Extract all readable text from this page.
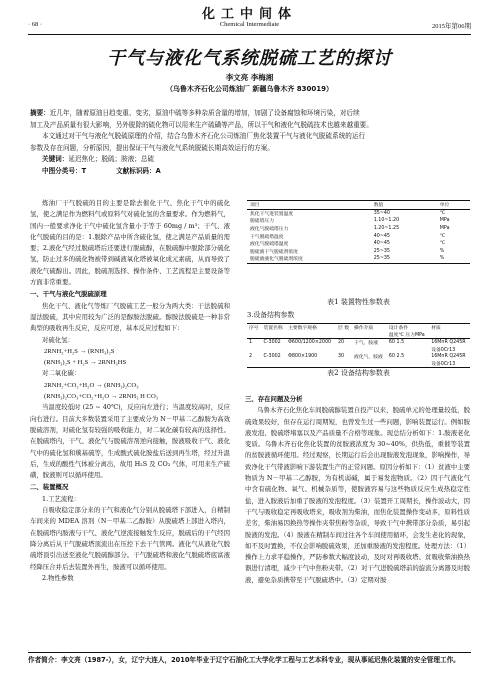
化工中间体
· 68 ·	Chemical Intermediate	2015年第06期
干气与液化气系统脱硫工艺的探讨
李文亮 李梅湘
（乌鲁木齐石化公司炼油厂 新疆乌鲁木齐 830019）
摘要：近几年，随着原油日趋变重、变劣，原油中硫等多种杂质含量的增加，加剧了设备腐蚀和环境污染，对后续
加工及产品质量有很大影响，另外脱除的硫化物可以用来生产硫磺等产品，所以干气和液化气脱硫技术也越来越重要。
本文通过对干气与液化气脱硫原理的介绍，结合乌鲁木齐石化公司炼油厂焦化装置干气与液化气脱硫系统的运行
参数及存在问题，分析原因，提出保证干气与液化气系统脱硫长期高效运行的方案。
关键词：延迟焦化；脱硫；胺液；总硫
中图分类号：T	文献标识码：A

炼油厂干气脱硫的目的主要是除去催化干气、焦化干气中的硫化氢，使之满足作为燃料气或原料气对硫化氢的含量要求。作为燃料气，国内一般要求净化干气中硫化氢含量小于等于 60mg / m³；干气、液化气脱硫的目的是：1.脱除产品中所含硫化氢，使之满足产品质量的需要；2.液化气经过脱硫塔后还要进行脱硫醇，在脱硫醇中脱除部分硫化氢，防止过多的硫化物被带到碱液氧化塔被氧化成元素硫，从而导致了液化气硫醇出。因此，脱硫剂选择、操作条件、工艺流程是主要设备等方面非常重要。

一、干气与液化气脱硫原理

焦化干气、液化气等炼厂气脱硫工艺一般分为两大类：干法脱硫和湿法脱硫，其中应用较为广泛的是醇胺法脱硫。醇胺法脱硫是一种非常典型的吸收再生反应，反应可逆，基本反应过程如下：

对硫化氢：

2RNH₂+H₂S → (RNH₃)₂S

(RNH₃)₂S + H₂S → 2RNH₃HS

对二氧化碳：

2RNH₂+CO₂+H₂O → (RNH₃)₂CO₃

(RNH₃)₂CO₃+CO₂+H₂O → 2RNH₃ H CO₃

当温度较低时 (25 ~ 40℃)，反应向左进行；当温度较高时，反应向右进行。目前大多数装置采用了主要成分为 N－甲基二乙醇胺为高效脱硫溶剂，对硫化氢有较强的吸收能力，对二氧化碳有较高的选择性。在脱硫塔内，干气、液化气与脱硫溶剂逆向接触，胺液吸收干气、液化气中的硫化氢和羰基硫等，生成酸式硫化胺盐后送到再生塔，经过升温后，生成的酸性气体被分离出，故用 H₂S 及 CO₂ 气体，可用来生产硫磺，胺液则可以循环使用。

二、装置概况

1.工艺流程：

自吸收稳定部分来的干气和液化气分别从脱硫塔下部进入，自精制车间来的 MDEA 溶剂（N－甲基二乙醇胺）从脱硫塔上部进入塔内，在脱硫塔内胺液与干气、液化气逆流接触发生反应，脱硫后的干气经因降分离后从干气脱硫塔顶流出在压控下去干气管网。液化气从液化气脱硫塔顶引出送至液化气脱硫醇部分。干气脱硫塔和液化气脱硫塔底富液经降压合并后去装置外再生，胺液可以循环使用。

2.物性参数

项目	数值	单位
焦化干气进装置温度	35~40	℃
脱硫塔压力	1.10~1.20	MPa
液化气脱硫塔压力	1.20~1.25	MPa
干气脱硫塔温度	40~45	℃
液化气脱硫塔温度	40~45	℃
脱硫液干气脱硫剂浓度	25~35	%
脱硫液液化气脱硫剂浓度	25~35	%
表1 装置物性参数表
3.设备结构参数
序号	装置名称	主要数字规格	层 数	操作介质	设计条件	材质
					温度℃ 压力MPa	
1	C-3002	Φ600/1200×2000	20	干气、胺液	60 1.5	16MnR Q245R
						设备0Cr13
2	C-3002	Φ800×1900	30	液化气、胺液	60 2.5	16MnR Q245R
						设备0Cr13
表2 设备结构参数表

三、存在问题及分析

乌鲁木齐石化焦化车间脱硫醇装置自投产以来，脱硫单元的处理量较低，脱硫效果较好，但存在运行周期短，也曾发生过一些问题，影响装置运行。例如胺液发泡、脱硫塔堵塞以及产品质量不合格等现象。现总结分析如下：1.胺液老化变质。乌鲁木齐石化焦化装置的贫胺液浓度为 30~40%，供热低，重催等装置的贫胺液循环使用。经过观察，长期运行后会出现胺液发泡现象，影响操作，导致净化干气带液影响下游装置生产的正常问题。原因分析如下：（1）贫液中主要物质为 N－甲基二乙醇胺，为有机弱碱，属于易发泡物质。（2）因干气液化气中含有硫化物、氧气、机械杂质等，使胺液容易与这些物质反应生成热稳定性盐，进入胺液后加重了胺液的发泡程度。（3）装置开工周期长，操作波动大，因干气与吸收稳定再吸收塔来，吸收剂为柴油，而焦化装置操作变动多，原料性质差劣，柴油易因换热等操作夹带焦粉等杂质，导致干气中携带部分杂质，易引起胺液的发泡。（4）胺液在精制车间过往各个车间使用循环，会发生老化的现象，如不及时置换，不仅会影响脱硫效果，还加重胺液的发泡程度。处理方法：（1）操作上力求平稳操作，严防参数大幅度波动，及时对再吸收塔、贫吸收柴油换热器进行清理，减少干气中焦粉夹带。（2）对干气进脱硫塔前的旋流分离器及时脱液，避免杂质携带至干气脱硫塔中。（3）定期对胺

作者简介：李文亮（1987-），女，辽宁大连人，2010年毕业于辽宁石油化工大学化学工程与工艺本科专业，现从事延迟焦化装置的安全管理工作。
